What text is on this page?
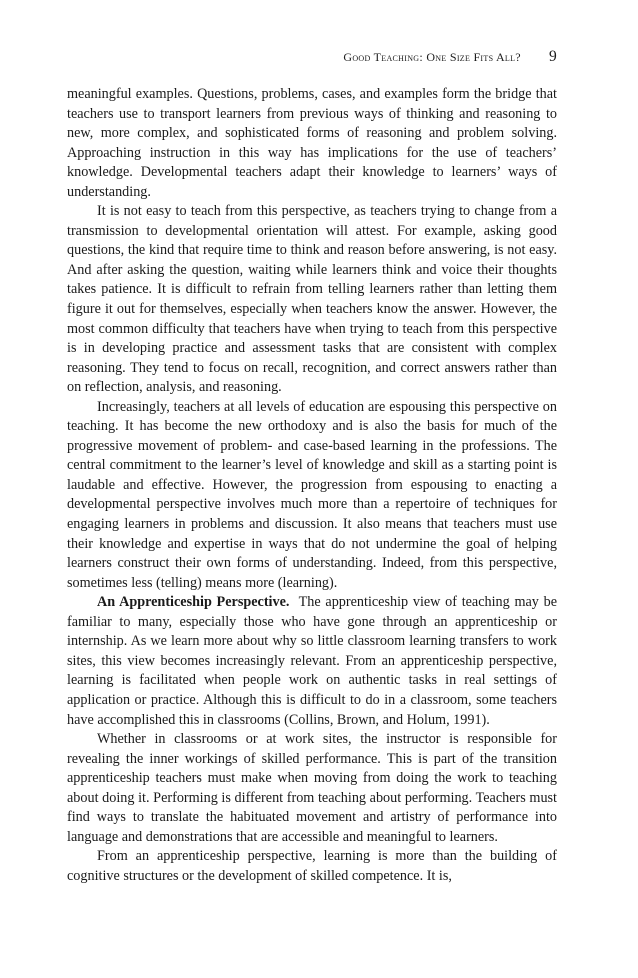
Good Teaching: One Size Fits All? 9

meaningful examples. Questions, problems, cases, and examples form the bridge that teachers use to transport learners from previous ways of thinking and reasoning to new, more complex, and sophisticated forms of reasoning and problem solving. Approaching instruction in this way has implications for the use of teachers’ knowledge. Developmental teachers adapt their knowledge to learners’ ways of understanding.

It is not easy to teach from this perspective, as teachers trying to change from a transmission to developmental orientation will attest. For example, asking good questions, the kind that require time to think and reason before answering, is not easy. And after asking the question, waiting while learners think and voice their thoughts takes patience. It is difficult to refrain from telling learners rather than letting them figure it out for themselves, especially when teachers know the answer. However, the most common difficulty that teachers have when trying to teach from this perspective is in developing practice and assessment tasks that are consistent with complex reasoning. They tend to focus on recall, recognition, and correct answers rather than on reflection, analysis, and reasoning.

Increasingly, teachers at all levels of education are espousing this perspective on teaching. It has become the new orthodoxy and is also the basis for much of the progressive movement of problem- and case-based learning in the professions. The central commitment to the learner’s level of knowledge and skill as a starting point is laudable and effective. However, the progression from espousing to enacting a developmental perspective involves much more than a repertoire of techniques for engaging learners in problems and discussion. It also means that teachers must use their knowledge and expertise in ways that do not undermine the goal of helping learners construct their own forms of understanding. Indeed, from this perspective, sometimes less (telling) means more (learning).

An Apprenticeship Perspective. The apprenticeship view of teaching may be familiar to many, especially those who have gone through an apprenticeship or internship. As we learn more about why so little classroom learning transfers to work sites, this view becomes increasingly relevant. From an apprenticeship perspective, learning is facilitated when people work on authentic tasks in real settings of application or practice. Although this is difficult to do in a classroom, some teachers have accomplished this in classrooms (Collins, Brown, and Holum, 1991).

Whether in classrooms or at work sites, the instructor is responsible for revealing the inner workings of skilled performance. This is part of the transition apprenticeship teachers must make when moving from doing the work to teaching about doing it. Performing is different from teaching about performing. Teachers must find ways to translate the habituated movement and artistry of performance into language and demonstrations that are accessible and meaningful to learners.

From an apprenticeship perspective, learning is more than the building of cognitive structures or the development of skilled competence. It is,
